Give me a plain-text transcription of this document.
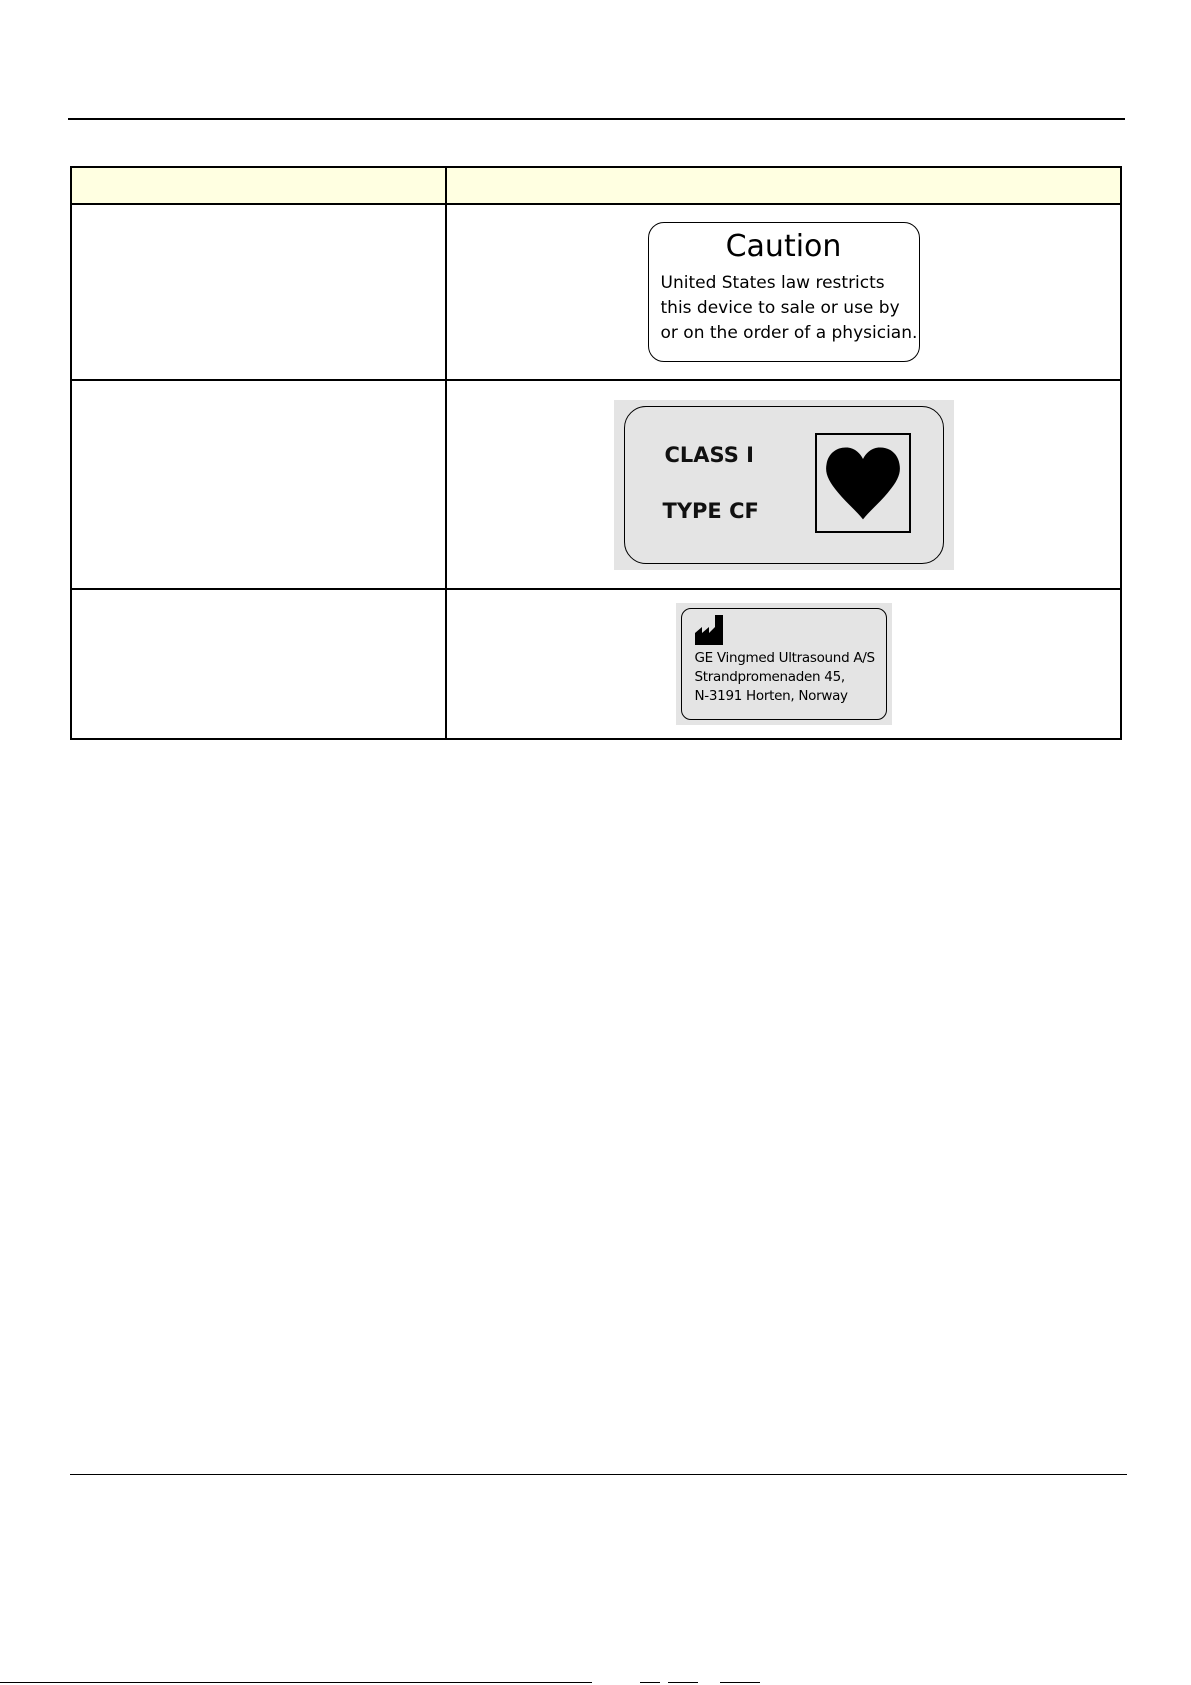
	Caution
United States law restricts
this device to sale or use by
or on the order of a physician.

	CLASS I
TYPE CF

	GE Vingmed Ultrasound A/S
Strandpromenaden 45,
N-3191 Horten, Norway
